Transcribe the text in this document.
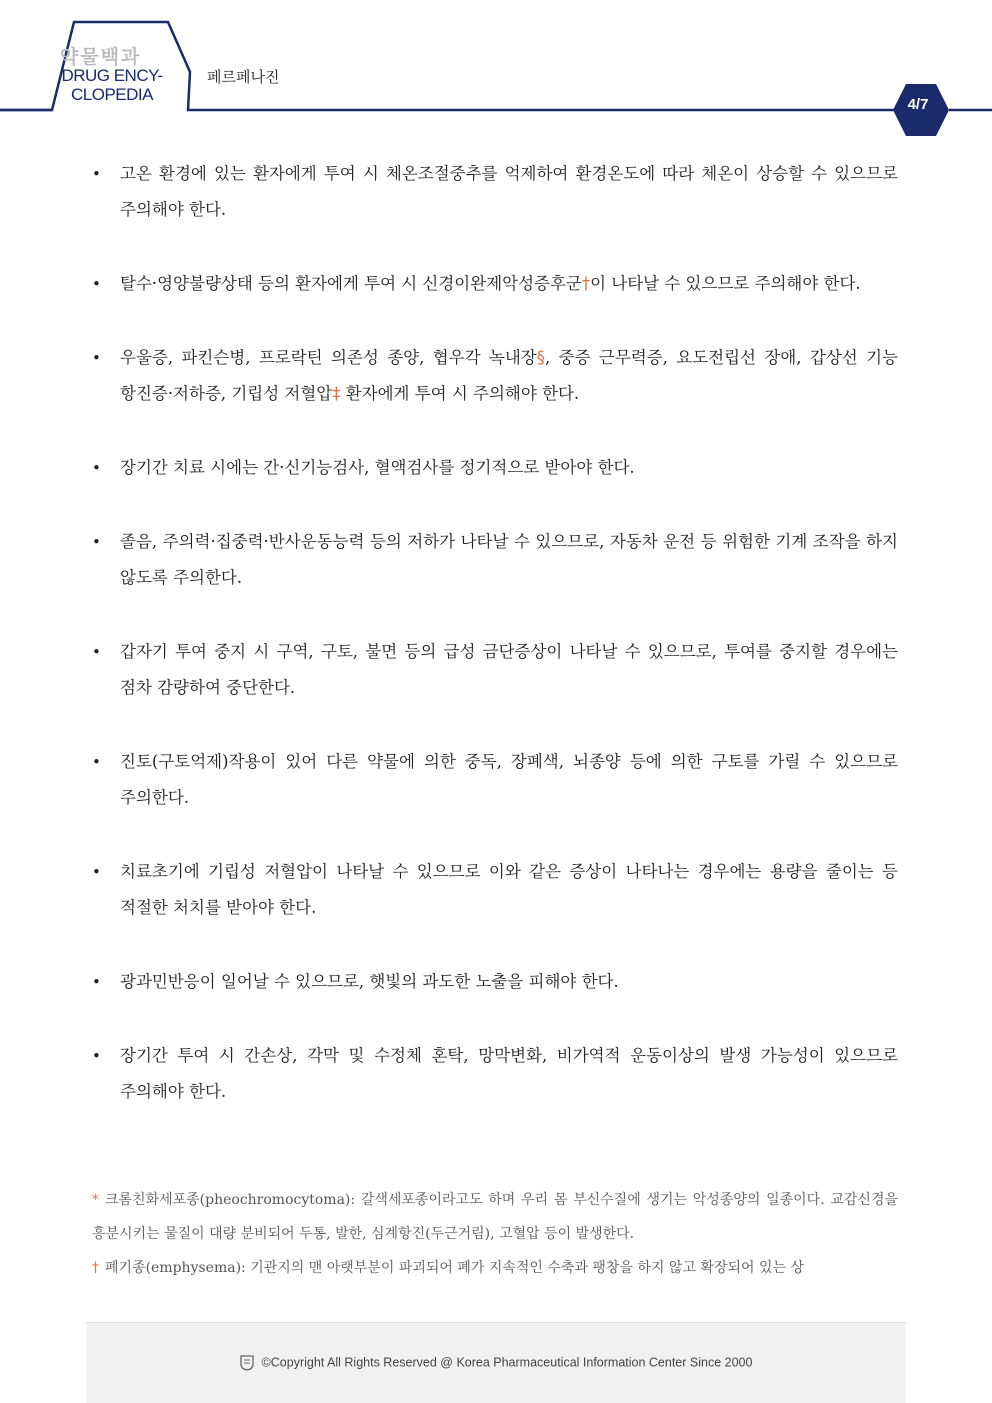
약물백과
DRUG ENCY-
CLOPEDIA
페르페나진
4/7
• 고온 환경에 있는 환자에게 투여 시 체온조절중추를 억제하여 환경온도에 따라 체온이 상승할 수 있으므로 주의해야 한다.
• 탈수·영양불량상태 등의 환자에게 투여 시 신경이완제악성증후군†이 나타날 수 있으므로 주의해야 한다.
• 우울증, 파킨슨병, 프로락틴 의존성 종양, 협우각 녹내장§, 중증 근무력증, 요도전립선 장애, 갑상선 기능 항진증·저하증, 기립성 저혈압‡ 환자에게 투여 시 주의해야 한다.
• 장기간 치료 시에는 간·신기능검사, 혈액검사를 정기적으로 받아야 한다.
• 졸음, 주의력·집중력·반사운동능력 등의 저하가 나타날 수 있으므로, 자동차 운전 등 위험한 기계 조작을 하지 않도록 주의한다.
• 갑자기 투여 중지 시 구역, 구토, 불면 등의 급성 금단증상이 나타날 수 있으므로, 투여를 중지할 경우에는 점차 감량하여 중단한다.
• 진토(구토억제)작용이 있어 다른 약물에 의한 중독, 장폐색, 뇌종양 등에 의한 구토를 가릴 수 있으므로 주의한다.
• 치료초기에 기립성 저혈압이 나타날 수 있으므로 이와 같은 증상이 나타나는 경우에는 용량을 줄이는 등 적절한 처치를 받아야 한다.
• 광과민반응이 일어날 수 있으므로, 햇빛의 과도한 노출을 피해야 한다.
• 장기간 투여 시 간손상, 각막 및 수정체 혼탁, 망막변화, 비가역적 운동이상의 발생 가능성이 있으므로 주의해야 한다.
* 크롬친화세포종(pheochromocytoma): 갈색세포종이라고도 하며 우리 몸 부신수질에 생기는 악성종양의 일종이다. 교감신경을 흥분시키는 물질이 대량 분비되어 두통, 발한, 심계항진(두근거림), 고혈압 등이 발생한다.
† 폐기종(emphysema): 기관지의 맨 아랫부분이 파괴되어 폐가 지속적인 수축과 팽창을 하지 않고 확장되어 있는 상
©Copyright All Rights Reserved @ Korea Pharmaceutical Information Center Since 2000
